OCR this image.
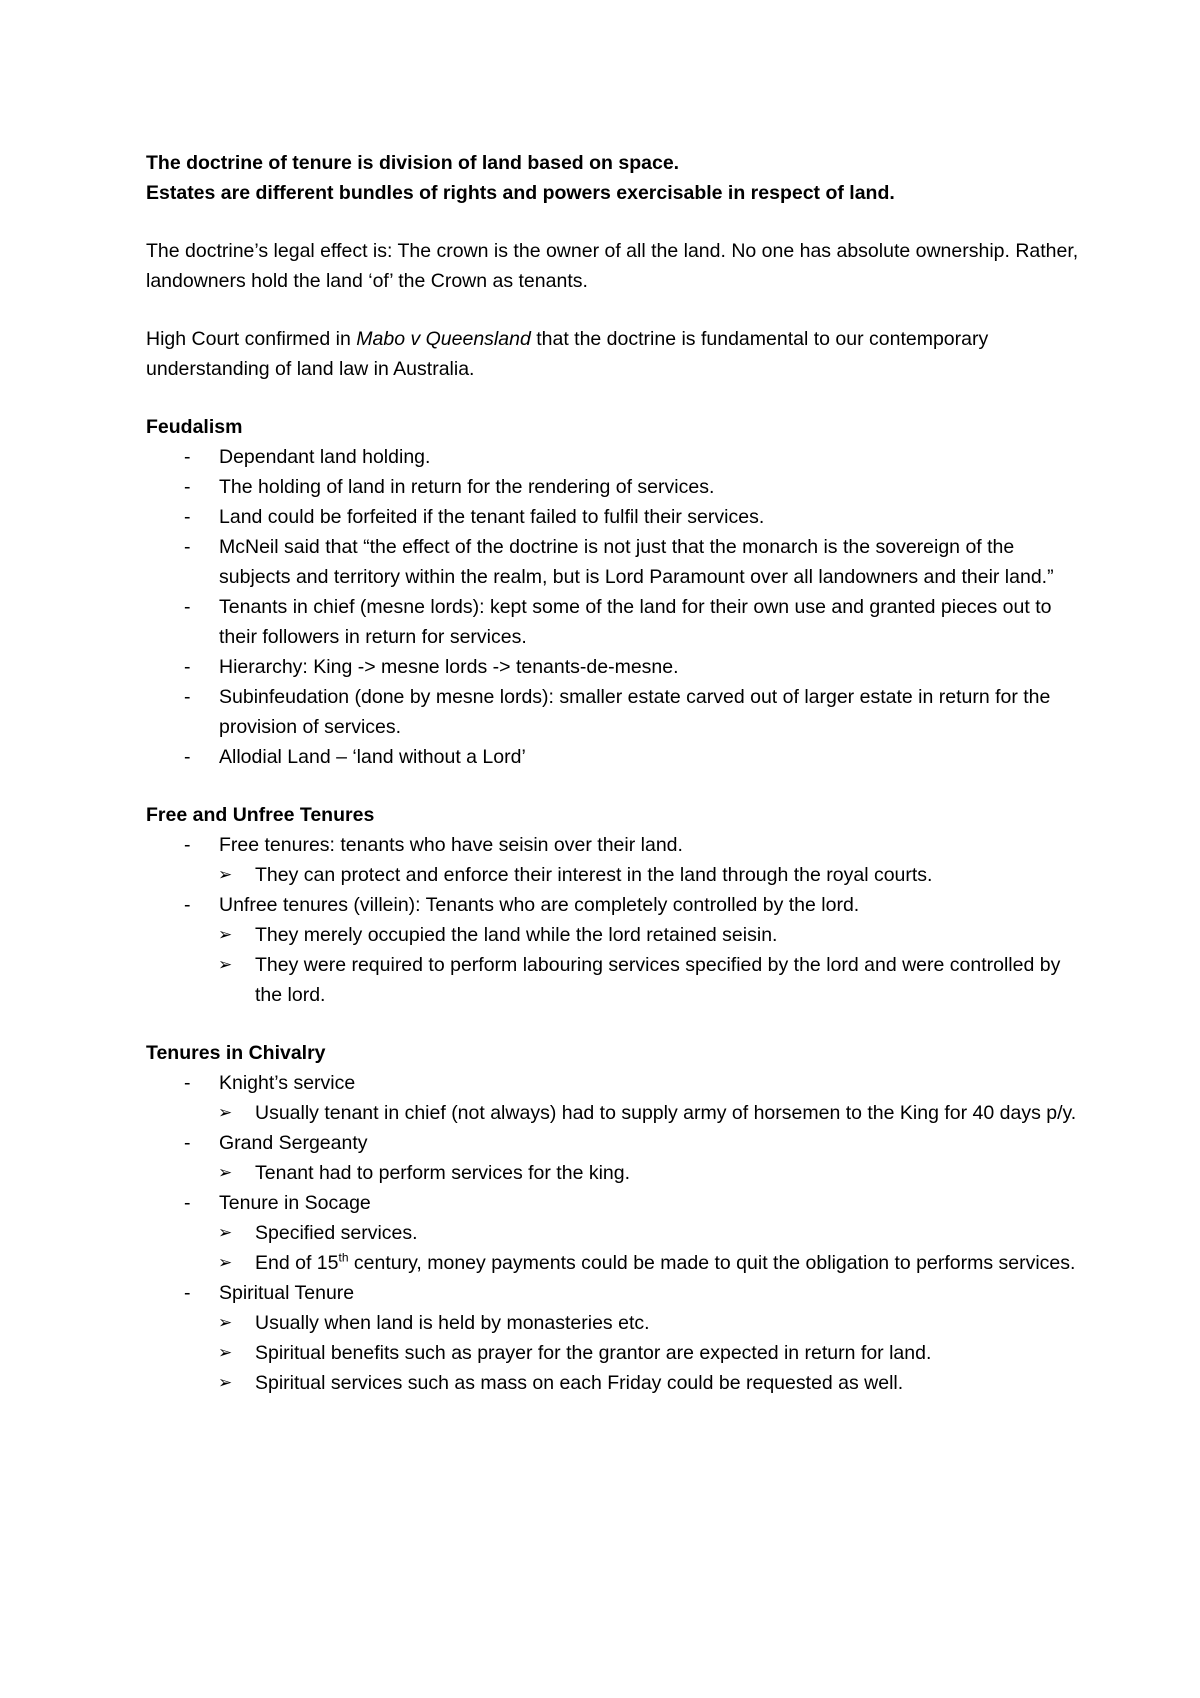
The doctrine of tenure is division of land based on space.
Estates are different bundles of rights and powers exercisable in respect of land.
The doctrine’s legal effect is: The crown is the owner of all the land. No one has absolute ownership. Rather, landowners hold the land ‘of’ the Crown as tenants.
High Court confirmed in Mabo v Queensland that the doctrine is fundamental to our contemporary understanding of land law in Australia.
Feudalism
- Dependant land holding.
- The holding of land in return for the rendering of services.
- Land could be forfeited if the tenant failed to fulfil their services.
- McNeil said that “the effect of the doctrine is not just that the monarch is the sovereign of the subjects and territory within the realm, but is Lord Paramount over all landowners and their land.”
- Tenants in chief (mesne lords): kept some of the land for their own use and granted pieces out to their followers in return for services.
- Hierarchy: King -> mesne lords -> tenants-de-mesne.
- Subinfeudation (done by mesne lords): smaller estate carved out of larger estate in return for the provision of services.
- Allodial Land – ‘land without a Lord’
Free and Unfree Tenures
- Free tenures: tenants who have seisin over their land.
➢ They can protect and enforce their interest in the land through the royal courts.
- Unfree tenures (villein): Tenants who are completely controlled by the lord.
➢ They merely occupied the land while the lord retained seisin.
➢ They were required to perform labouring services specified by the lord and were controlled by the lord.
Tenures in Chivalry
- Knight’s service
➢ Usually tenant in chief (not always) had to supply army of horsemen to the King for 40 days p/y.
- Grand Sergeanty
➢ Tenant had to perform services for the king.
- Tenure in Socage
➢ Specified services.
➢ End of 15th century, money payments could be made to quit the obligation to performs services.
- Spiritual Tenure
➢ Usually when land is held by monasteries etc.
➢ Spiritual benefits such as prayer for the grantor are expected in return for land.
➢ Spiritual services such as mass on each Friday could be requested as well.
